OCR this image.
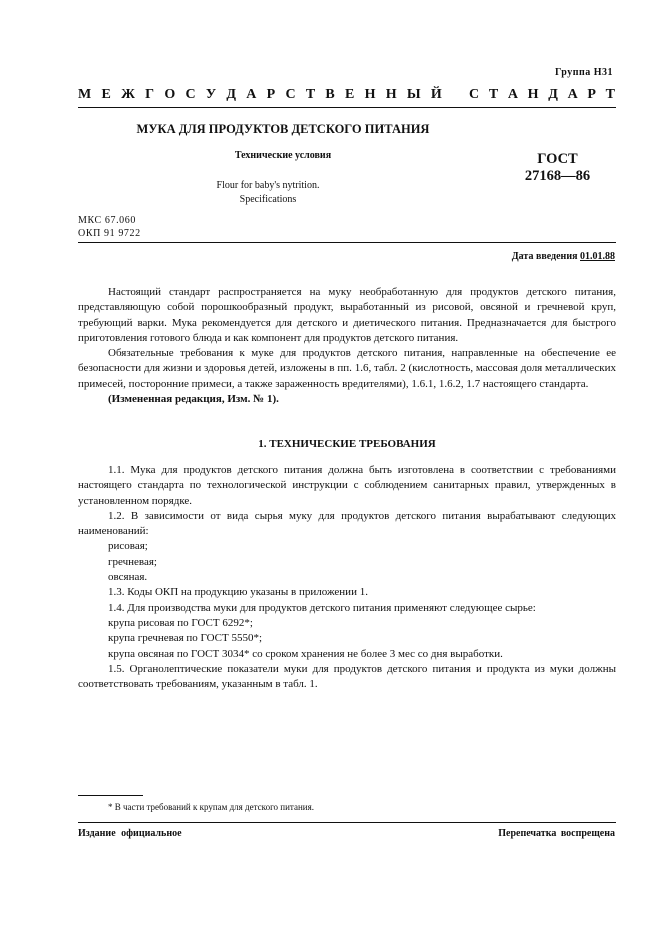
Группа Н31
М Е Ж Г О С У Д А Р С Т В Е Н Н Ы Й С Т А Н Д А Р Т
МУКА ДЛЯ ПРОДУКТОВ ДЕТСКОГО ПИТАНИЯ
Технические условия
Flour for baby's nytrition.
Specifications
ГОСТ
27168—86
МКС 67.060
ОКП 91 9722
Дата введения 01.01.88

Настоящий стандарт распространяется на муку необработанную для продуктов детского питания, представляющую собой порошкообразный продукт, выработанный из рисовой, овсяной и гречневой круп, требующий варки. Мука рекомендуется для детского и диетического питания. Предназначается для быстрого приготовления готового блюда и как компонент для продуктов детского питания.

Обязательные требования к муке для продуктов детского питания, направленные на обеспечение ее безопасности для жизни и здоровья детей, изложены в пп. 1.6, табл. 2 (кислотность, массовая доля металлических примесей, посторонние примеси, а также зараженность вредителями), 1.6.1, 1.6.2, 1.7 настоящего стандарта.

(Измененная редакция, Изм. № 1).

1. ТЕХНИЧЕСКИЕ ТРЕБОВАНИЯ

1.1. Мука для продуктов детского питания должна быть изготовлена в соответствии с требованиями настоящего стандарта по технологической инструкции с соблюдением санитарных правил, утвержденных в установленном порядке.

1.2. В зависимости от вида сырья муку для продуктов детского питания вырабатывают следующих наименований:

рисовая;
гречневая;
овсяная.

1.3. Коды ОКП на продукцию указаны в приложении 1.

1.4. Для производства муки для продуктов детского питания применяют следующее сырье:

крупа рисовая по ГОСТ 6292*;
крупа гречневая по ГОСТ 5550*;
крупа овсяная по ГОСТ 3034* со сроком хранения не более 3 мес со дня выработки.

1.5. Органолептические показатели муки для продуктов детского питания и продукта из муки должны соответствовать требованиям, указанным в табл. 1.

* В части требований к крупам для детского питания.
Издание официальное	Перепечатка воспрещена
